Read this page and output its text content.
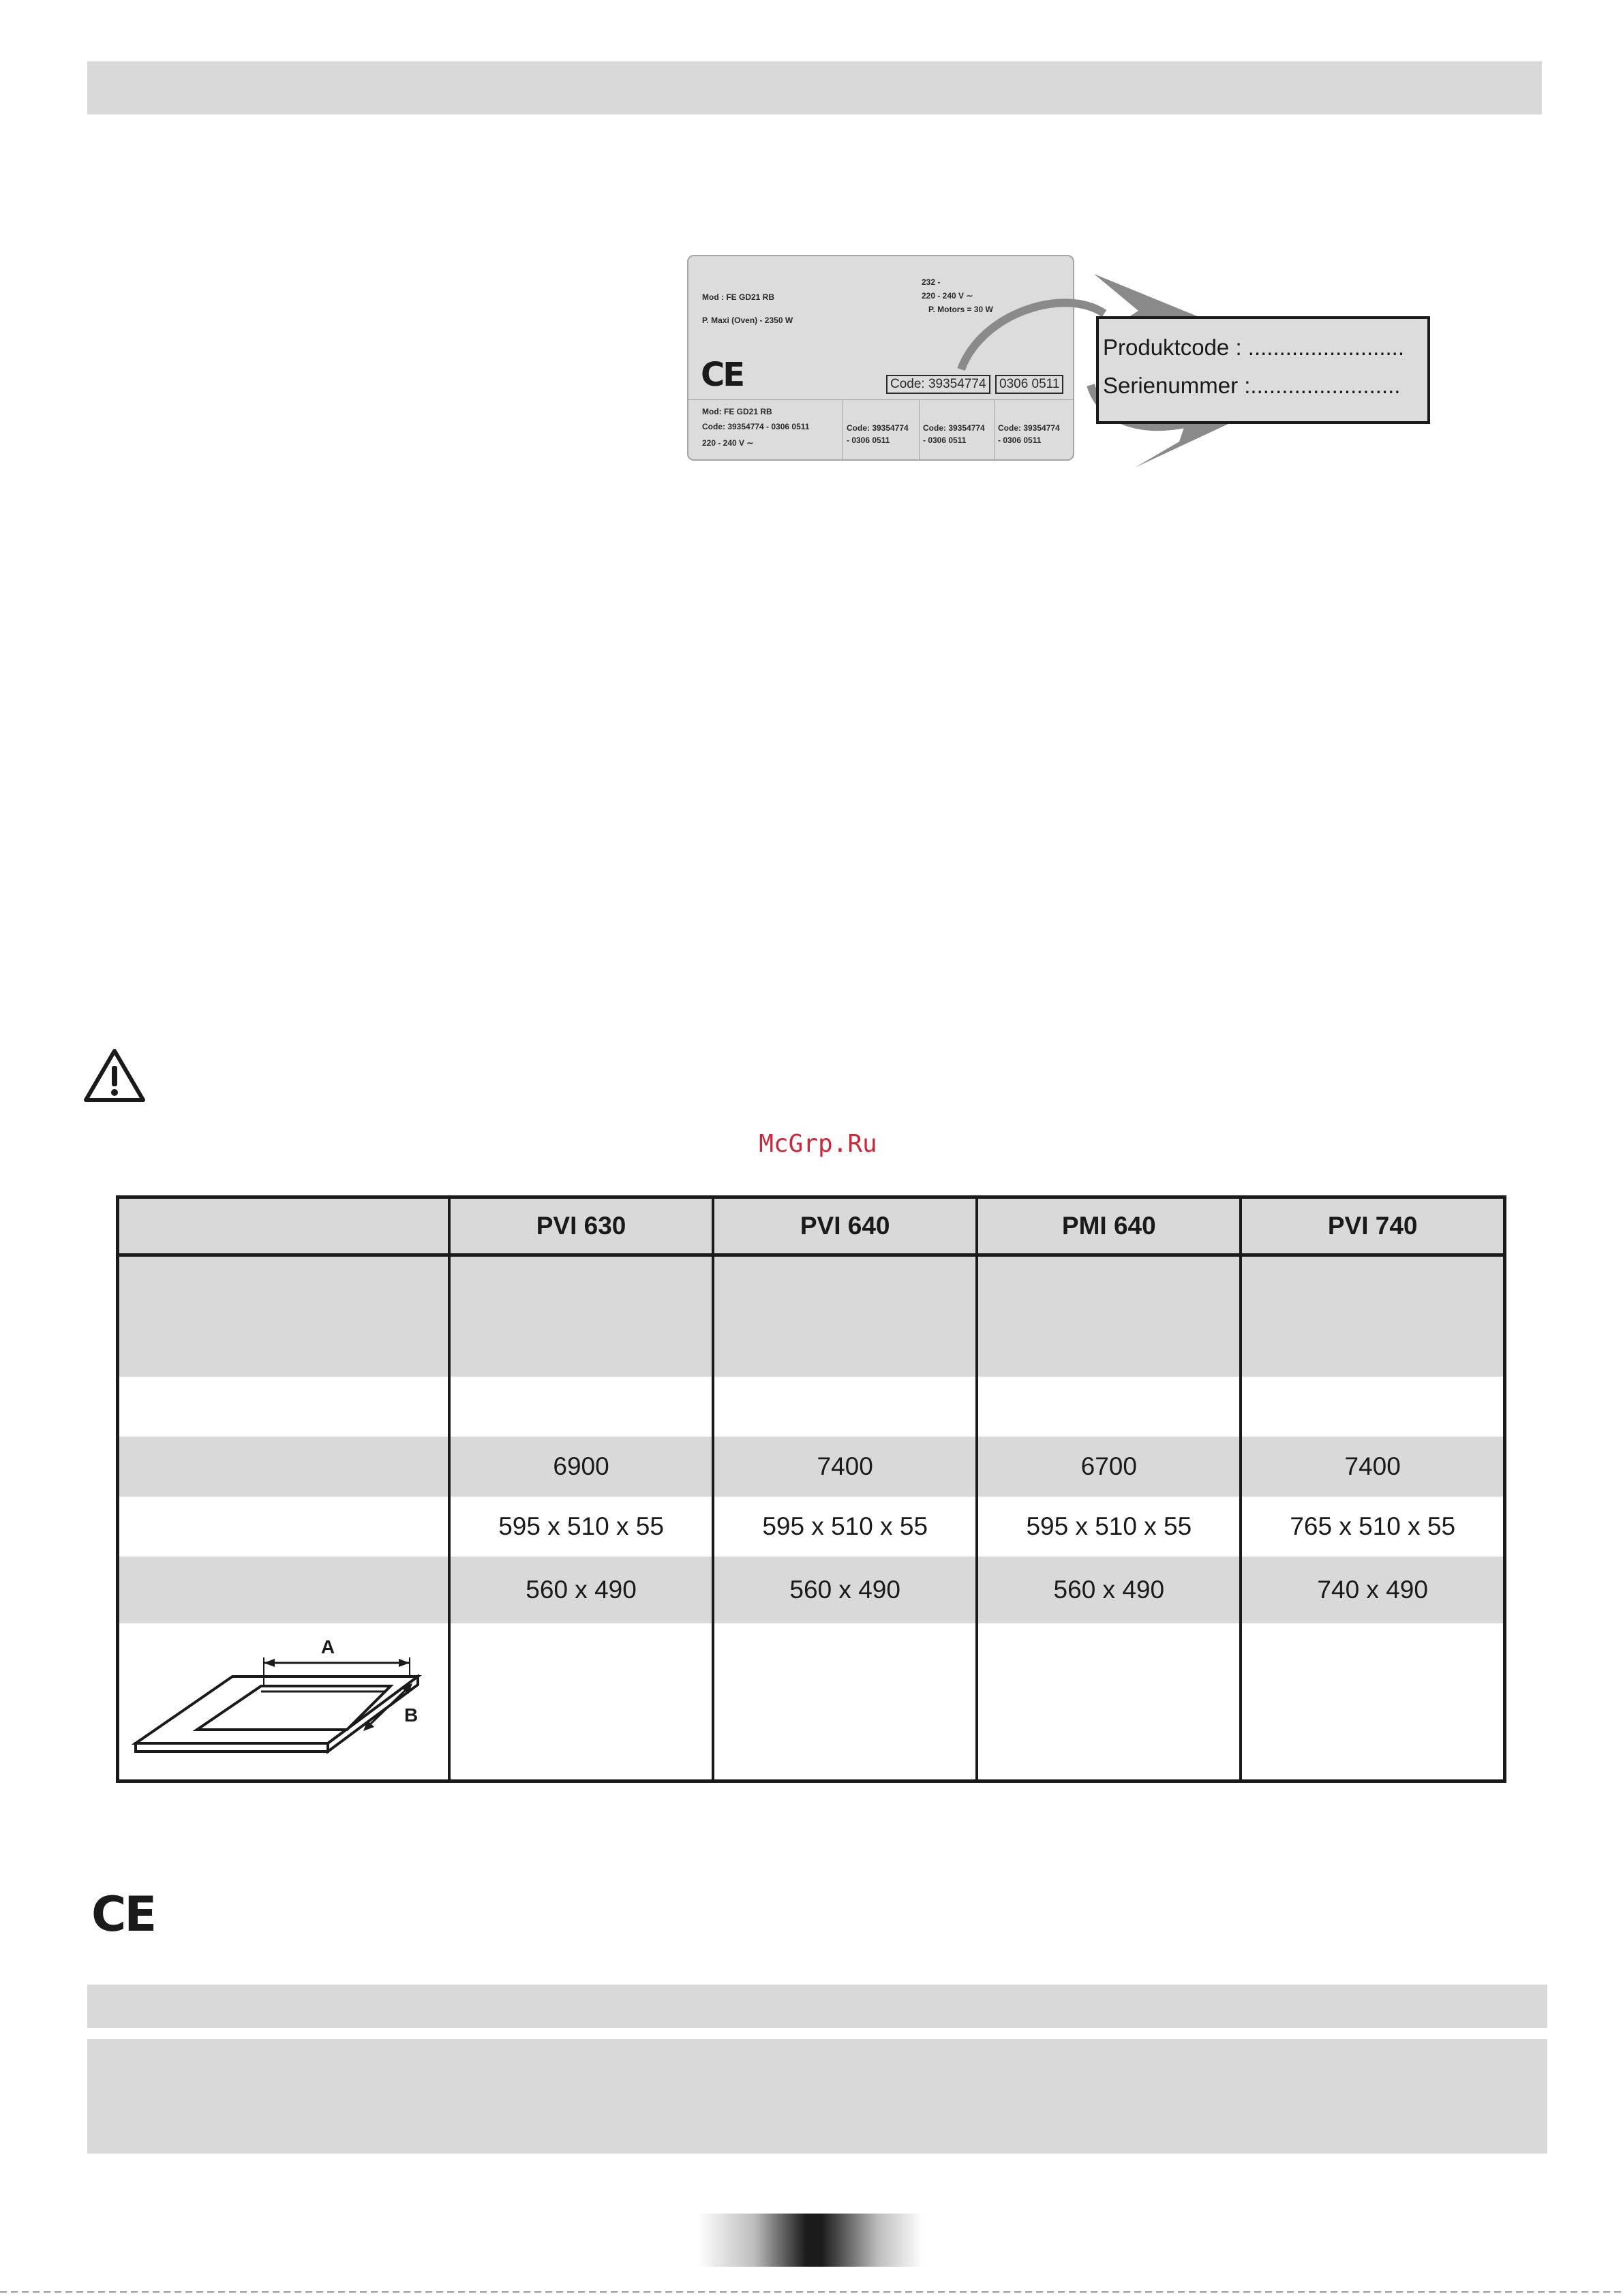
Mod : FE GD21 RB
P. Maxi (Oven) - 2350 W
232 -
220 - 240 V ∼
P. Motors = 30 W
CE	Code: 39354774	0306 0511
Mod: FE GD21 RB
Code: 39354774 - 0306 0511
220 - 240 V ∼
Code: 39354774
- 0306 0511
Code: 39354774
- 0306 0511
Code: 39354774
- 0306 0511
Produktcode : .........................
Serienummer :........................
McGrp.Ru
	PVI 630	PVI 640	PMI 640	PVI 740

	6900	7400	6700	7400
	595 x 510 x 55	595 x 510 x 55	595 x 510 x 55	765 x 510 x 55
	560 x 490	560 x 490	560 x 490	740 x 490

A
B				

CE
